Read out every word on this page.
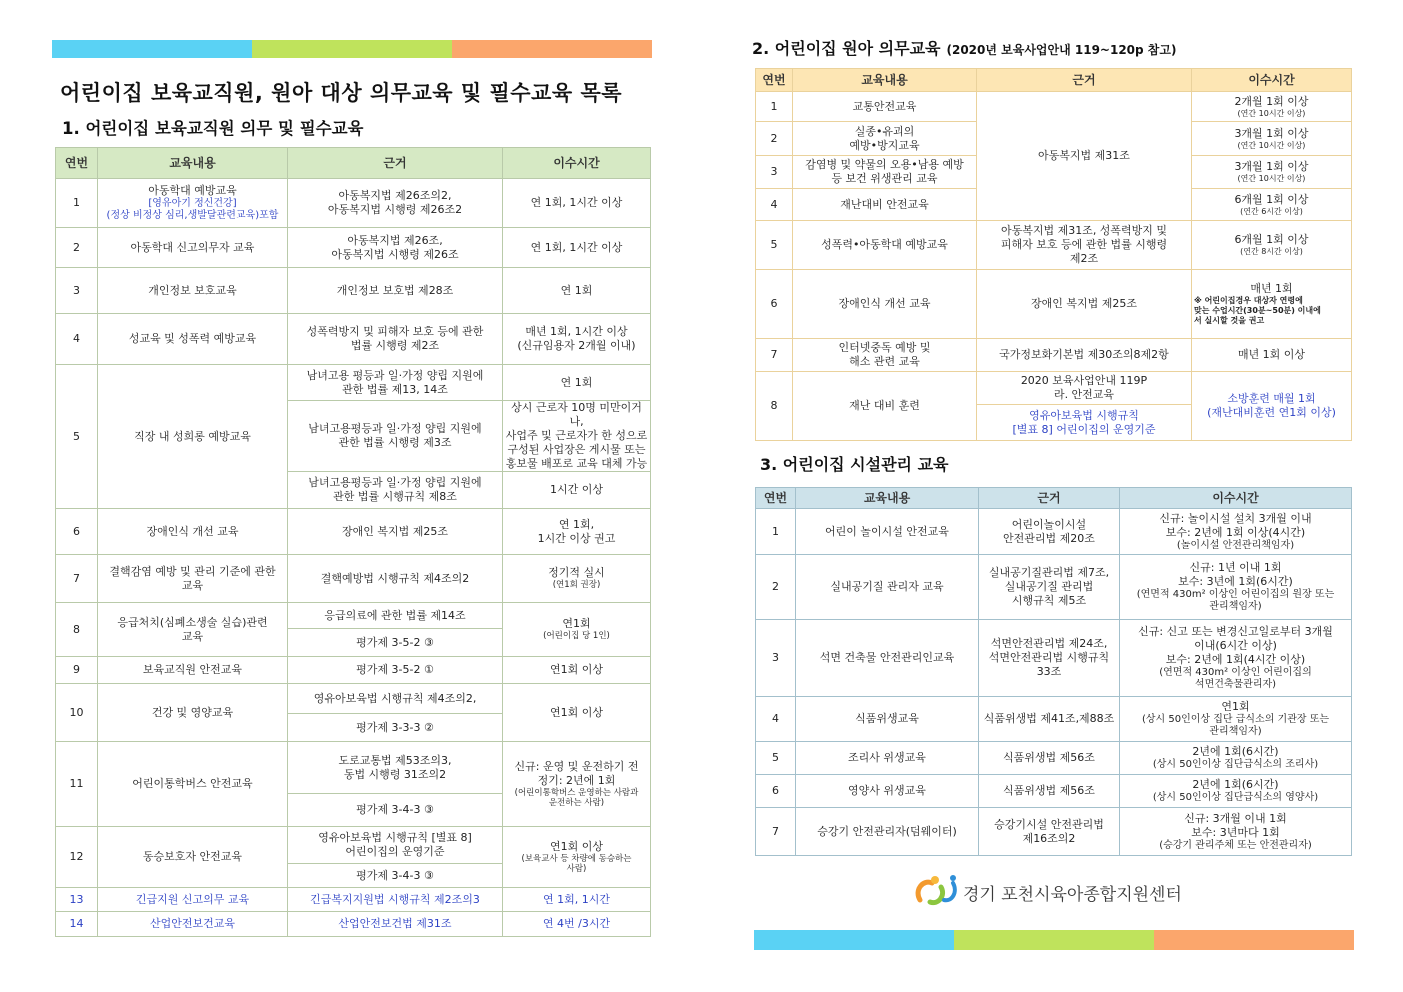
어린이집 보육교직원, 원아 대상 의무교육 및 필수교육 목록
1. 어린이집 보육교직원 의무 및 필수교육
연번	교육내용	근거	이수시간
1	아동학대 예방교육
[영유아기 정신건강]
(정상 비정상 심리,생발달관련교육)포함	아동복지법 제26조의2,
아동복지법 시행령 제26조2	연 1회, 1시간 이상
2	아동학대 신고의무자 교육	아동복지법 제26조,
아동복지법 시행령 제26조	연 1회, 1시간 이상
3	개인정보 보호교육	개인정보 보호법 제28조	연 1회
4	성교육 및 성폭력 예방교육	성폭력방지 및 피해자 보호 등에 관한
법률 시행령 제2조	매년 1회, 1시간 이상
(신규임용자 2개월 이내)
5	직장 내 성희롱 예방교육	남녀고용 평등과 일·가정 양립 지원에
관한 법률 제13, 14조	연 1회
		남녀고용평등과 일·가정 양립 지원에
관한 법률 시행령 제3조	상시 근로자 10명 미만이거나,
사업주 및 근로자가 한 성으로
구성된 사업장은 게시물 또는
홍보물 배포로 교육 대체 가능
		남녀고용평등과 일·가정 양립 지원에
관한 법률 시행규칙 제8조	1시간 이상
6	장애인식 개선 교육	장애인 복지법 제25조	연 1회,
1시간 이상 권고
7	결핵감염 예방 및 관리 기준에 관한
교육	결핵예방법 시행규칙 제4조의2	정기적 실시
(연1회 권장)

8	응급처치(심폐소생술 실습)관련
교육	응급의료에 관한 법률 제14조	연1회
(어린이집 당 1인)

		평가제 3-5-2 ③	
9	보육교직원 안전교육	평가제 3-5-2 ①	연1회 이상
10	건강 및 영양교육	영유아보육법 시행규칙 제4조의2,	연1회 이상
		평가제 3-3-3 ②	
11	어린이통학버스 안전교육	도로교통법 제53조의3,
동법 시행령 31조의2	신규: 운영 및 운전하기 전
정기: 2년에 1회
(어린이통학버스 운영하는 사람과
운전하는 사람)

		평가제 3-4-3 ③	
12	동승보호자 안전교육	영유아보육법 시행규칙 [별표 8]
어린이집의 운영기준	연1회 이상
(보육교사 등 차량에 동승하는
사람)

		평가제 3-4-3 ③	
13	긴급지원 신고의무 교육	긴급복지지원법 시행규칙 제2조의3	연 1회, 1시간
14	산업안전보건교육	산업안전보건법 제31조	연 4번 /3시간
2. 어린이집 원아 의무교육 (2020년 보육사업안내 119~120p 참고)
연번	교육내용	근거	이수시간
1	교통안전교육	아동복지법 제31조	2개월 1회 이상
(연간 10시간 이상)

2	실종•유괴의
예방•방지교육		3개월 1회 이상
(연간 10시간 이상)

3	감염병 및 약물의 오용•남용 예방
등 보건 위생관리 교육		3개월 1회 이상
(연간 10시간 이상)

4	재난대비 안전교육		6개월 1회 이상
(연간 6시간 이상)

5	성폭력•아동학대 예방교육	아동복지법 제31조, 성폭력방지 및
피해자 보호 등에 관한 법률 시행령
제2조	6개월 1회 이상
(연간 8시간 이상)

6	장애인식 개선 교육	장애인 복지법 제25조	매년 1회
※ 어린이집경우 대상자 연령에
맞는 수업시간(30분~50분) 이내에
서 실시할 것을 권고

7	인터넷중독 예방 및
해소 관련 교육	국가정보화기본법 제30조의8제2항	매년 1회 이상
8	재난 대비 훈련	2020 보육사업안내 119P
라. 안전교육	소방훈련 매월 1회
(재난대비훈련 연1회 이상)
		영유아보육법 시행규칙
[별표 8] 어린이집의 운영기준	
3. 어린이집 시설관리 교육
연번	교육내용	근거	이수시간
1	어린이 놀이시설 안전교육	어린이놀이시설
안전관리법 제20조	신규: 놀이시설 설치 3개월 이내
보수: 2년에 1회 이상(4시간)
(놀이시설 안전관리책임자)

2	실내공기질 관리자 교육	실내공기질관리법 제7조,
실내공기질 관리법
시행규칙 제5조	신규: 1년 이내 1회
보수: 3년에 1회(6시간)
(연면적 430m² 이상인 어린이집의 원장 또는
관리책임자)

3	석면 건축물 안전관리인교육	석면안전관리법 제24조,
석면안전관리법 시행규칙
33조	신규: 신고 또는 변경신고일로부터 3개월
이내(6시간 이상)
보수: 2년에 1회(4시간 이상)
(연면적 430m² 이상인 어린이집의
석면건축물관리자)

4	식품위생교육	식품위생법 제41조,제88조	연1회
(상시 50인이상 집단 급식소의 기관장 또는
관리책임자)

5	조리사 위생교육	식품위생법 제56조	2년에 1회(6시간)
(상시 50인이상 집단급식소의 조리사)

6	영양사 위생교육	식품위생법 제56조	2년에 1회(6시간)
(상시 50인이상 집단급식소의 영양사)

7	승강기 안전관리자(덤웨이터)	승강기시설 안전관리법
제16조의2	신규: 3개월 이내 1회
보수: 3년마다 1회
(승강기 관리주체 또는 안전관리자)
경기 포천시육아종합지원센터
